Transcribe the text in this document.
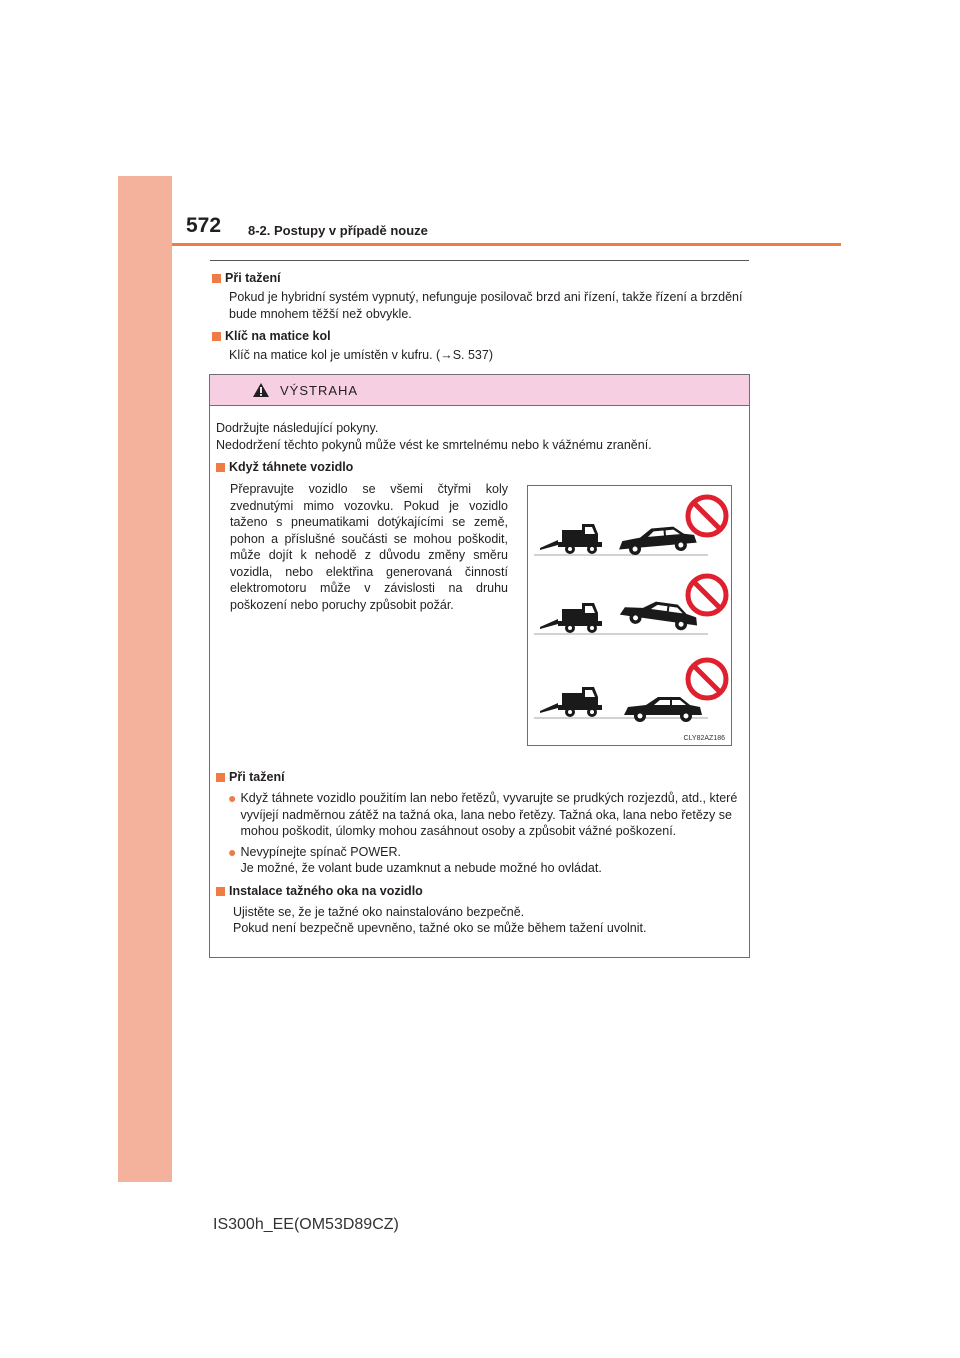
572 8-2. Postupy v případě nouze
Při tažení
Pokud je hybridní systém vypnutý, nefunguje posilovač brzd ani řízení, takže řízení a brzdění bude mnohem těžší než obvykle.
Klíč na matice kol
Klíč na matice kol je umístěn v kufru. (→S. 537)
VÝSTRAHA
Dodržujte následující pokyny.
Nedodržení těchto pokynů může vést ke smrtelnému nebo k vážnému zranění.
Když táhnete vozidlo
Přepravujte vozidlo se všemi čtyřmi koly zvednutými mimo vozovku. Pokud je vozidlo taženo s pneumatikami dotýkajícími se země, pohon a příslušné součásti se mohou poškodit, může dojít k nehodě z důvodu změny směru vozidla, nebo elektřina generovaná činností elektromotoru může v závislosti na druhu poškození nebo poruchy způsobit požár.
CLY82AZ186
Při tažení
● Když táhnete vozidlo použitím lan nebo řetězů, vyvarujte se prudkých rozjezdů, atd., které vyvíjejí nadměrnou zátěž na tažná oka, lana nebo řetězy. Tažná oka, lana nebo řetězy se mohou poškodit, úlomky mohou zasáhnout osoby a způsobit vážné poškození.
● Nevypínejte spínač POWER.
Je možné, že volant bude uzamknut a nebude možné ho ovládat.
Instalace tažného oka na vozidlo
Ujistěte se, že je tažné oko nainstalováno bezpečně.
Pokud není bezpečně upevněno, tažné oko se může během tažení uvolnit.
IS300h_EE(OM53D89CZ)
